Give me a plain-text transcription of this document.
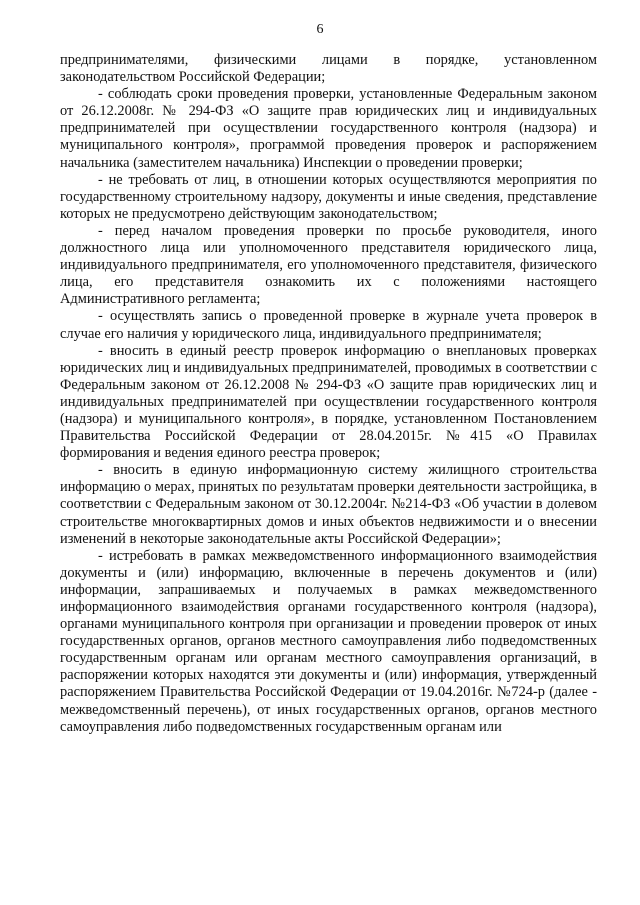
6

предпринимателями, физическими лицами в порядке, установленном законодательством Российской Федерации;

- соблюдать сроки проведения проверки, установленные Федеральным законом от 26.12.2008г. № 294-ФЗ «О защите прав юридических лиц и индивидуальных предпринимателей при осуществлении государственного контроля (надзора) и муниципального контроля», программой проведения проверок и распоряжением начальника (заместителем начальника) Инспекции о проведении проверки;

- не требовать от лиц, в отношении которых осуществляются мероприятия по государственному строительному надзору, документы и иные сведения, представление которых не предусмотрено действующим законодательством;

- перед началом проведения проверки по просьбе руководителя, иного должностного лица или уполномоченного представителя юридического лица, индивидуального предпринимателя, его уполномоченного представителя, физического лица, его представителя ознакомить их с положениями настоящего Административного регламента;

- осуществлять запись о проведенной проверке в журнале учета проверок в случае его наличия у юридического лица, индивидуального предпринимателя;

- вносить в единый реестр проверок информацию о внеплановых проверках юридических лиц и индивидуальных предпринимателей, проводимых в соответствии с Федеральным законом от 26.12.2008 № 294-ФЗ «О защите прав юридических лиц и индивидуальных предпринимателей при осуществлении государственного контроля (надзора) и муниципального контроля», в порядке, установленном Постановлением Правительства Российской Федерации от 28.04.2015г. №415 «О Правилах формирования и ведения единого реестра проверок;

- вносить в единую информационную систему жилищного строительства информацию о мерах, принятых по результатам проверки деятельности застройщика, в соответствии с Федеральным законом от 30.12.2004г. №214-ФЗ «Об участии в долевом строительстве многоквартирных домов и иных объектов недвижимости и о внесении изменений в некоторые законодательные акты Российской Федерации»;

- истребовать в рамках межведомственного информационного взаимодействия документы и (или) информацию, включенные в перечень документов и (или) информации, запрашиваемых и получаемых в рамках межведомственного информационного взаимодействия органами государственного контроля (надзора), органами муниципального контроля при организации и проведении проверок от иных государственных органов, органов местного самоуправления либо подведомственных государственным органам или органам местного самоуправления организаций, в распоряжении которых находятся эти документы и (или) информация, утвержденный распоряжением Правительства Российской Федерации от 19.04.2016г. №724-р (далее - межведомственный перечень), от иных государственных органов, органов местного самоуправления либо подведомственных государственным органам или
